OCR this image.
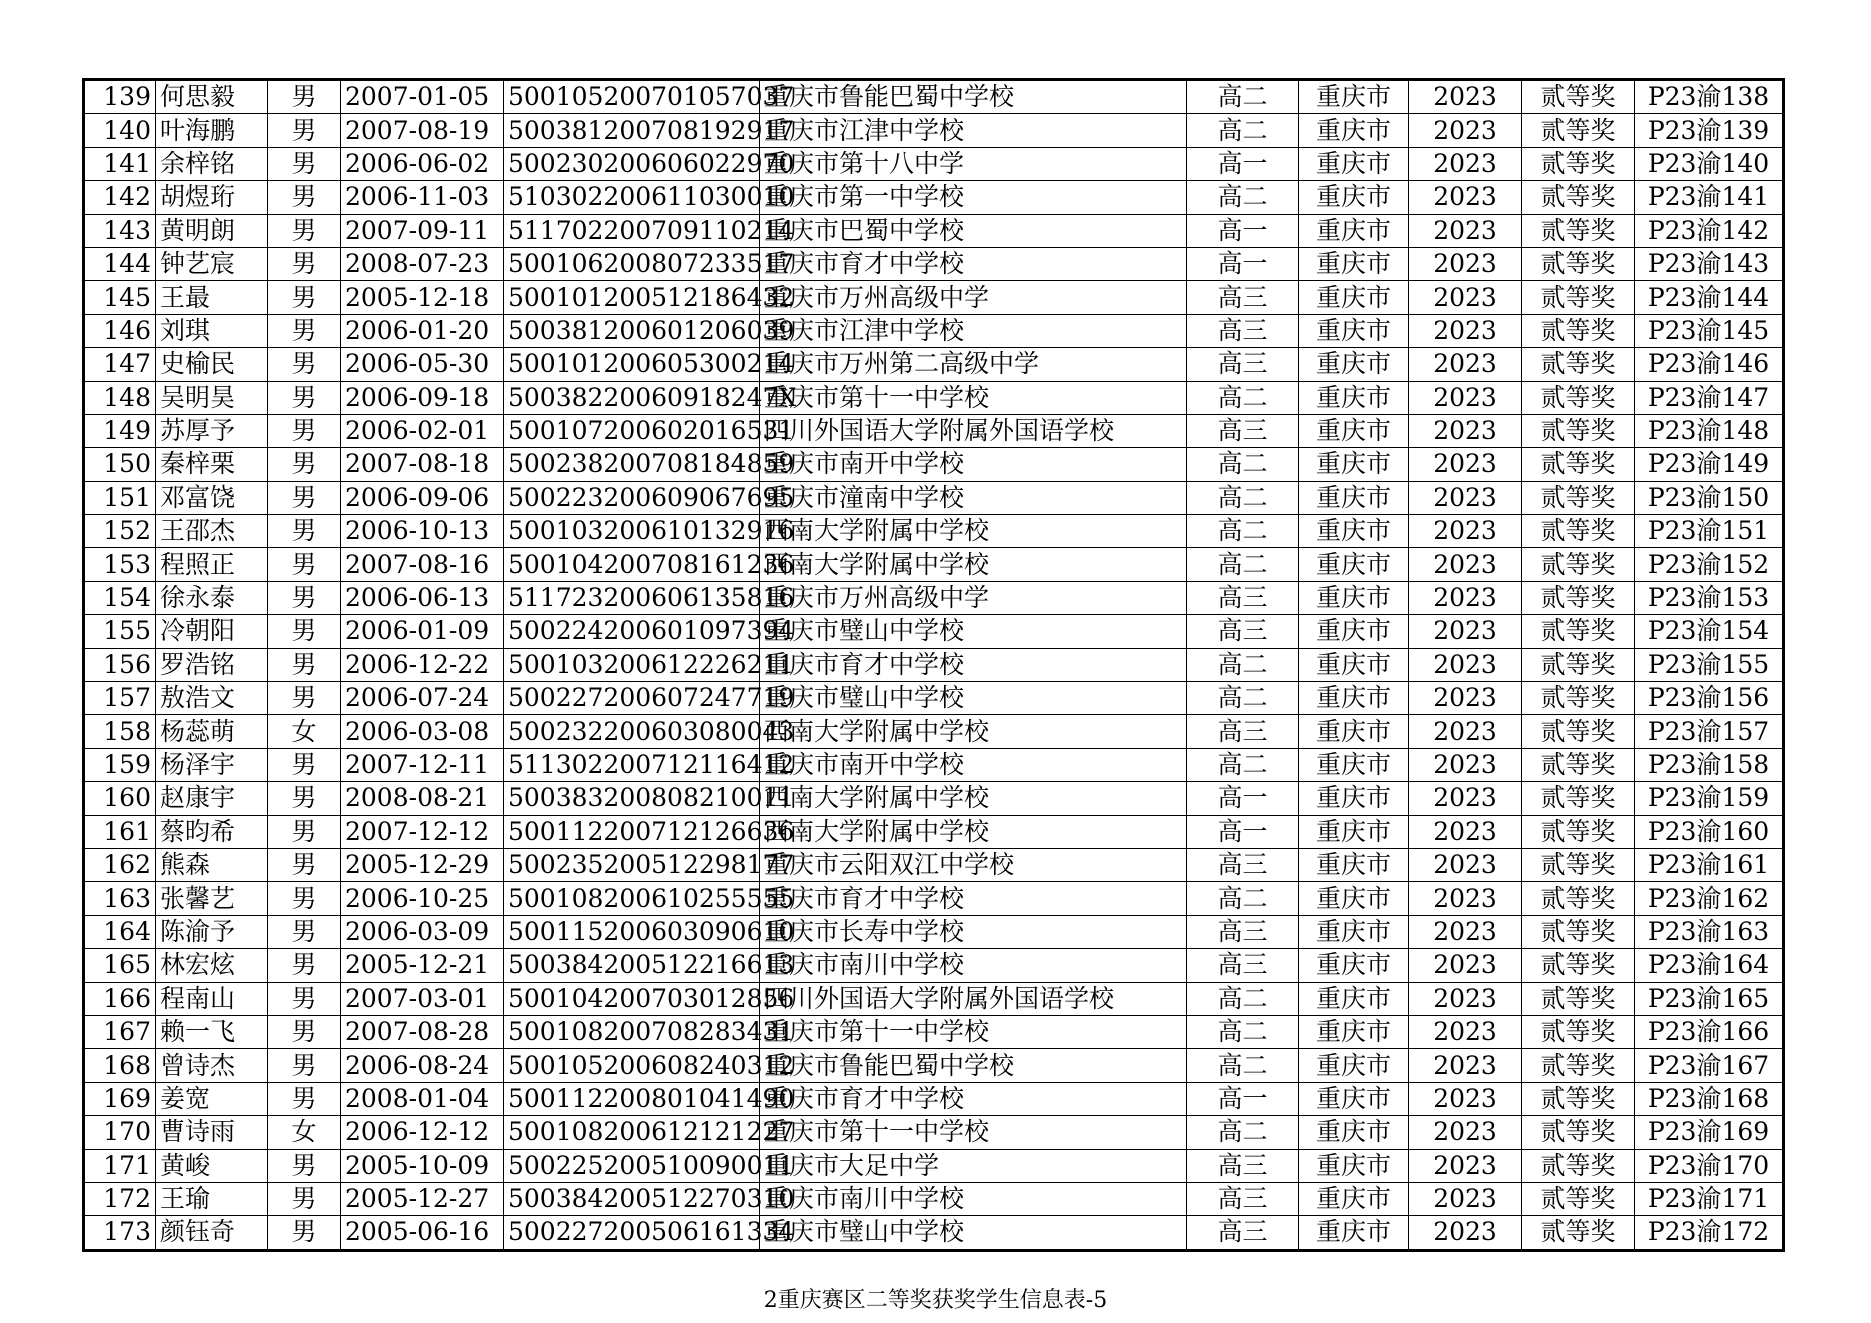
139	何思毅	男	2007-01-05	500105200701057037	重庆市鲁能巴蜀中学校	高二	重庆市	2023	贰等奖	P23渝138
140	叶海鹏	男	2007-08-19	500381200708192917	重庆市江津中学校	高二	重庆市	2023	贰等奖	P23渝139
141	余梓铭	男	2006-06-02	500230200606022970	重庆市第十八中学	高一	重庆市	2023	贰等奖	P23渝140
142	胡煜珩	男	2006-11-03	510302200611030010	重庆市第一中学校	高二	重庆市	2023	贰等奖	P23渝141
143	黄明朗	男	2007-09-11	511702200709110214	重庆市巴蜀中学校	高一	重庆市	2023	贰等奖	P23渝142
144	钟艺宸	男	2008-07-23	500106200807233517	重庆市育才中学校	高一	重庆市	2023	贰等奖	P23渝143
145	王最	男	2005-12-18	500101200512186432	重庆市万州高级中学	高三	重庆市	2023	贰等奖	P23渝144
146	刘琪	男	2006-01-20	500381200601206039	重庆市江津中学校	高三	重庆市	2023	贰等奖	P23渝145
147	史榆民	男	2006-05-30	500101200605300214	重庆市万州第二高级中学	高三	重庆市	2023	贰等奖	P23渝146
148	吴明昊	男	2006-09-18	50038220060918247X	重庆市第十一中学校	高二	重庆市	2023	贰等奖	P23渝147
149	苏厚予	男	2006-02-01	500107200602016531	四川外国语大学附属外国语学校	高三	重庆市	2023	贰等奖	P23渝148
150	秦梓栗	男	2007-08-18	500238200708184859	重庆市南开中学校	高二	重庆市	2023	贰等奖	P23渝149
151	邓富饶	男	2006-09-06	500223200609067695	重庆市潼南中学校	高二	重庆市	2023	贰等奖	P23渝150
152	王邵杰	男	2006-10-13	500103200610132916	西南大学附属中学校	高二	重庆市	2023	贰等奖	P23渝151
153	程照正	男	2007-08-16	500104200708161236	西南大学附属中学校	高二	重庆市	2023	贰等奖	P23渝152
154	徐永泰	男	2006-06-13	511723200606135816	重庆市万州高级中学	高三	重庆市	2023	贰等奖	P23渝153
155	冷朝阳	男	2006-01-09	500224200601097394	重庆市璧山中学校	高三	重庆市	2023	贰等奖	P23渝154
156	罗浩铭	男	2006-12-22	500103200612226211	重庆市育才中学校	高二	重庆市	2023	贰等奖	P23渝155
157	敖浩文	男	2006-07-24	500227200607247719	重庆市璧山中学校	高二	重庆市	2023	贰等奖	P23渝156
158	杨蕊萌	女	2006-03-08	500232200603080043	西南大学附属中学校	高三	重庆市	2023	贰等奖	P23渝157
159	杨泽宇	男	2007-12-11	511302200712116412	重庆市南开中学校	高二	重庆市	2023	贰等奖	P23渝158
160	赵康宇	男	2008-08-21	500383200808210011	西南大学附属中学校	高一	重庆市	2023	贰等奖	P23渝159
161	蔡昀希	男	2007-12-12	500112200712126636	西南大学附属中学校	高一	重庆市	2023	贰等奖	P23渝160
162	熊森	男	2005-12-29	500235200512298177	重庆市云阳双江中学校	高三	重庆市	2023	贰等奖	P23渝161
163	张馨艺	男	2006-10-25	500108200610255555	重庆市育才中学校	高二	重庆市	2023	贰等奖	P23渝162
164	陈渝予	男	2006-03-09	500115200603090610	重庆市长寿中学校	高三	重庆市	2023	贰等奖	P23渝163
165	林宏炫	男	2005-12-21	500384200512216613	重庆市南川中学校	高三	重庆市	2023	贰等奖	P23渝164
166	程南山	男	2007-03-01	500104200703012856	四川外国语大学附属外国语学校	高二	重庆市	2023	贰等奖	P23渝165
167	赖一飞	男	2007-08-28	500108200708283431	重庆市第十一中学校	高二	重庆市	2023	贰等奖	P23渝166
168	曾诗杰	男	2006-08-24	500105200608240312	重庆市鲁能巴蜀中学校	高二	重庆市	2023	贰等奖	P23渝167
169	姜宽	男	2008-01-04	500112200801041490	重庆市育才中学校	高一	重庆市	2023	贰等奖	P23渝168
170	曹诗雨	女	2006-12-12	500108200612121227	重庆市第十一中学校	高二	重庆市	2023	贰等奖	P23渝169
171	黄峻	男	2005-10-09	500225200510090011	重庆市大足中学	高三	重庆市	2023	贰等奖	P23渝170
172	王瑜	男	2005-12-27	500384200512270310	重庆市南川中学校	高三	重庆市	2023	贰等奖	P23渝171
173	颜钰奇	男	2005-06-16	500227200506161334	重庆市璧山中学校	高三	重庆市	2023	贰等奖	P23渝172
2重庆赛区二等奖获奖学生信息表-5
